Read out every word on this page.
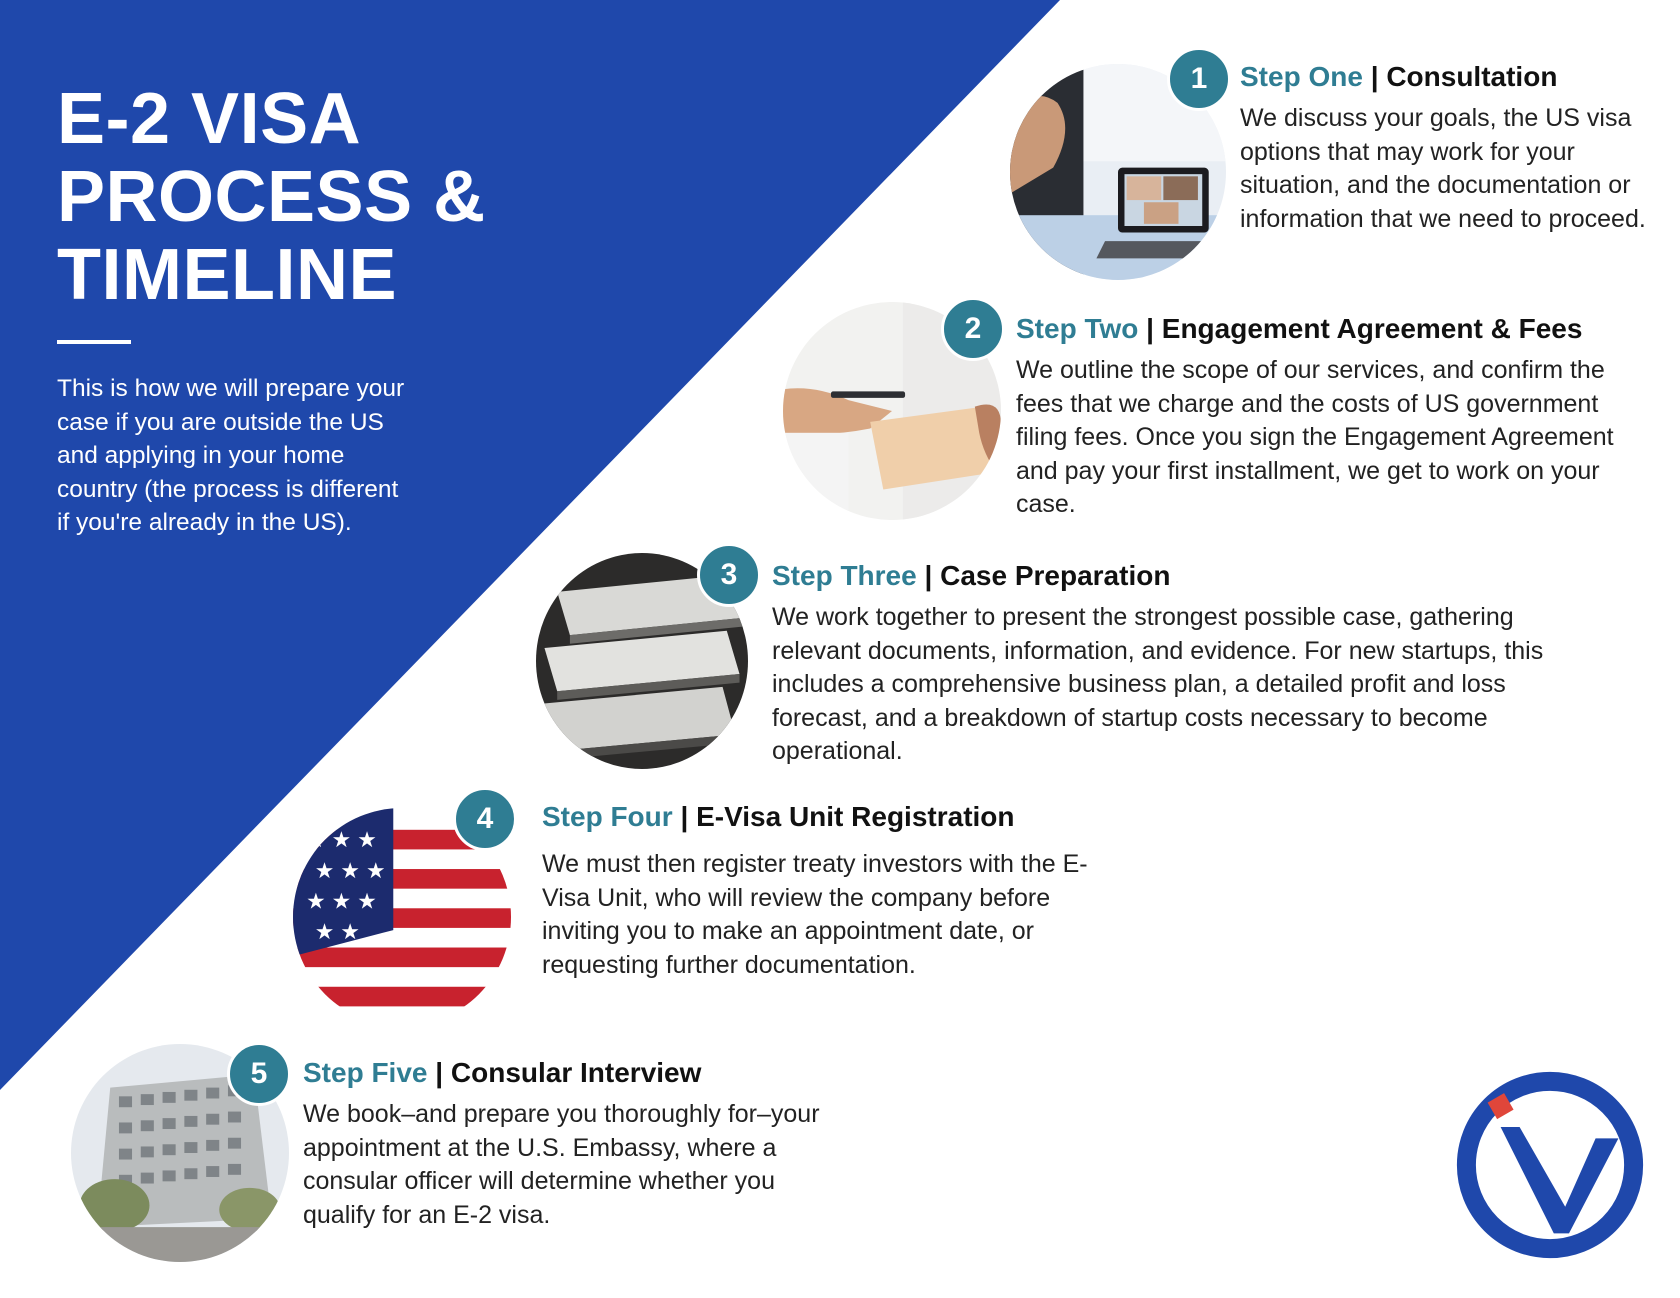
E-2 VISA
PROCESS &
TIMELINE

This is how we will prepare your case if you are outside the US and applying in your home country (the process is different if you're already in the US).

1	Step One | Consultation

We discuss your goals, the US visa options that may work for your situation, and the documentation or information that we need to proceed.

2	Step Two | Engagement Agreement & Fees

We outline the scope of our services, and confirm the fees that we charge and the costs of US government filing fees. Once you sign the Engagement Agreement and pay your first installment, we get to work on your case.

3	Step Three | Case Preparation

We work together to present the strongest possible case, gathering relevant documents, information, and evidence. For new startups, this includes a comprehensive business plan, a detailed profit and loss forecast, and a breakdown of startup costs necessary to become operational.

★ ★ ★
★ ★ ★
★ ★ ★
★ ★
4	Step Four | E-Visa Unit Registration

We must then register treaty investors with the E-Visa Unit, who will review the company before inviting you to make an appointment date, or requesting further documentation.

5	Step Five | Consular Interview

We book–and prepare you thoroughly for–your appointment at the U.S. Embassy, where a consular officer will determine whether you qualify for an E-2 visa.
